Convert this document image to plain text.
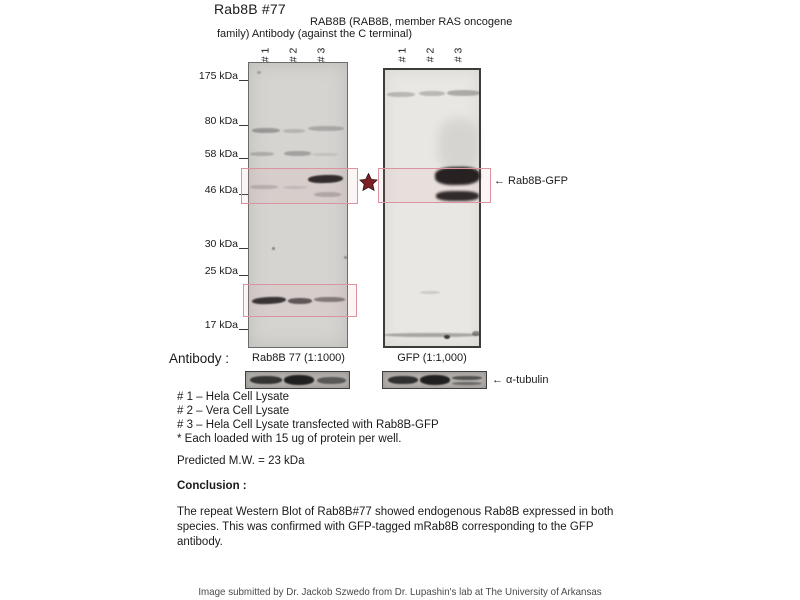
Rab8B #77
RAB8B (RAB8B, member RAS oncogene
family) Antibody (against the C terminal)
# 1 # 2 # 3	# 1 # 2 # 3
175 kDa
80 kDa
58 kDa
46 kDa
30 kDa
25 kDa
17 kDa
← Rab8B-GFP
Antibody :	Rab8B 77 (1:1000)	GFP (1:1,000)
← α-tubulin
# 1 – Hela Cell Lysate
# 2 – Vera Cell Lysate
# 3 – Hela Cell Lysate transfected with Rab8B-GFP
* Each loaded with 15 ug of protein per well.
Predicted M.W. = 23 kDa
Conclusion :
The repeat Western Blot of Rab8B#77 showed endogenous Rab8B expressed in both species. This was confirmed with GFP-tagged mRab8B corresponding to the GFP antibody.
Image submitted by Dr. Jackob Szwedo from Dr. Lupashin's lab at The University of Arkansas
